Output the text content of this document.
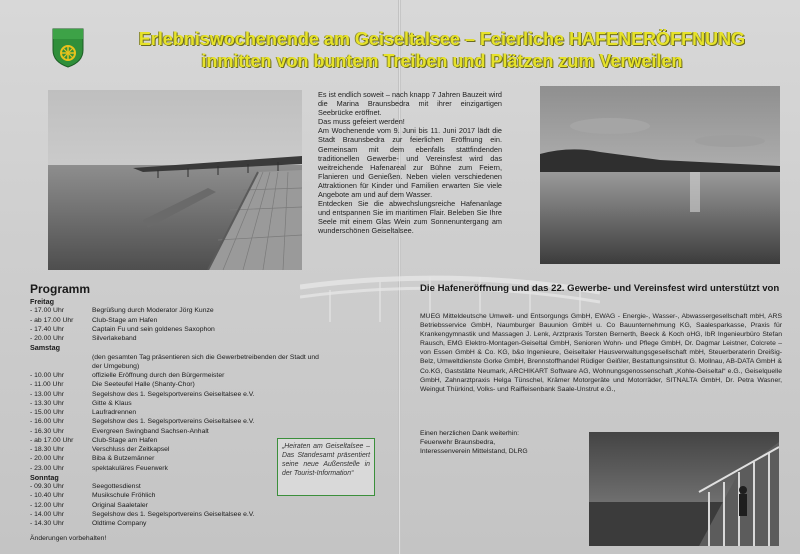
Erlebniswochenende am Geiseltalsee – Feierliche HAFENERÖFFNUNG
inmitten von buntem Treiben und Plätzen zum Verweilen

Es ist endlich soweit – nach knapp 7 Jahren Bauzeit wird die Marina Braunsbedra mit ihrer einzigartigen Seebrücke eröffnet.

Das muss gefeiert werden!

Am Wochenende vom 9. Juni bis 11. Juni 2017 lädt die Stadt Braunsbedra zur feierlichen Eröffnung ein. Gemeinsam mit dem ebenfalls stattfindenden traditionellen Gewerbe- und Vereinsfest wird das weitreichende Hafenareal zur Bühne zum Feiern, Flanieren und Genießen. Neben vielen verschiedenen Attraktionen für Kinder und Familien erwarten Sie viele Angebote am und auf dem Wasser.

Entdecken Sie die abwechslungsreiche Hafenanlage und entspannen Sie im maritimen Flair. Beleben Sie Ihre Seele mit einem Glas Wein zum Sonnenuntergang am wunderschönen Geiseltalsee.

Programm
Freitag
- 17.00 Uhr	Begrüßung durch Moderator Jörg Kunze
- ab 17.00 Uhr	Club-Stage am Hafen
- 17.40 Uhr	Captain Fu und sein goldenes Saxophon
- 20.00 Uhr	Silverlakeband
Samstag
(den gesamten Tag präsentieren sich die Gewerbetreibenden der Stadt und der Umgebung)
- 10.00 Uhr	offizielle Eröffnung durch den Bürgermeister
- 11.00 Uhr	Die Seeteufel Halle (Shanty-Chor)
- 13.00 Uhr	Segelshow des 1. Segelsportvereins Geiseltalsee e.V.
- 13.30 Uhr	Gitte & Klaus
- 15.00 Uhr	Laufradrennen
- 16.00 Uhr	Segelshow des 1. Segelsportvereins Geiseltalsee e.V.
- 16.30 Uhr	Evergreen Swingband Sachsen-Anhalt
- ab 17.00 Uhr	Club-Stage am Hafen
- 18.30 Uhr	Verschluss der Zeitkapsel
- 20.00 Uhr	Biba & Butzemänner
- 23.00 Uhr	spektakuläres Feuerwerk
Sonntag
- 09.30 Uhr	Seegottesdienst
- 10.40 Uhr	Musikschule Fröhlich
- 12.00 Uhr	Original Saaletaler
- 14.00 Uhr	Segelshow des 1. Segelsportvereins Geiseltalsee e.V.
- 14.30 Uhr	Oldtime Company
Änderungen vorbehalten!
„Heiraten am Geiseltalsee – Das Standesamt präsentiert seine neue Außenstelle in der Tourist-Information“
Die Hafeneröffnung und das 22. Gewerbe- und Vereinsfest wird unterstützt von
MUEG Mitteldeutsche Umwelt- und Entsorgungs GmbH, EWAG - Energie-, Wasser-, Abwassergesellschaft mbH, ARS Betriebsservice GmbH, Naumburger Bauunion GmbH u. Co Bauunternehmung KG, Saalesparkasse, Praxis für Krankengymnastik und Massagen J. Lenk, Arztpraxis Torsten Bernerth, Beeck & Koch oHG, IbR Ingenieurbüro Stefan Rausch, EMG Elektro-Montagen-Geiseltal GmbH, Senioren Wohn- und Pflege GmbH, Dr. Dagmar Leistner, Colcrete – von Essen GmbH & Co. KG, b&o Ingenieure, Geiseltaler Hausverwaltungsgesellschaft mbH, Steuerberaterin Dreißig-Belz, Umweltdienste Gorke GmbH, Brennstoffhandel Rüdiger Geißler, Bestattungsinstitut G. Mollnau, AB-DATA GmbH & Co.KG, Gaststätte Neumark, ARCHIKART Software AG, Wohnungsgenossenschaft „Kohle-Geiseltal“ e.G., Geiselquelle GmbH, Zahnarztpraxis Helga Tünschel, Krämer Motorgeräte und Motorräder, SITNALTA GmbH, Dr. Petra Wasner, Weingut Thürkind, Volks- und Raiffeisenbank Saale-Unstrut e.G.,
Einen herzlichen Dank weiterhin:
Feuerwehr Braunsbedra,
Interessenverein Mittelstand, DLRG
